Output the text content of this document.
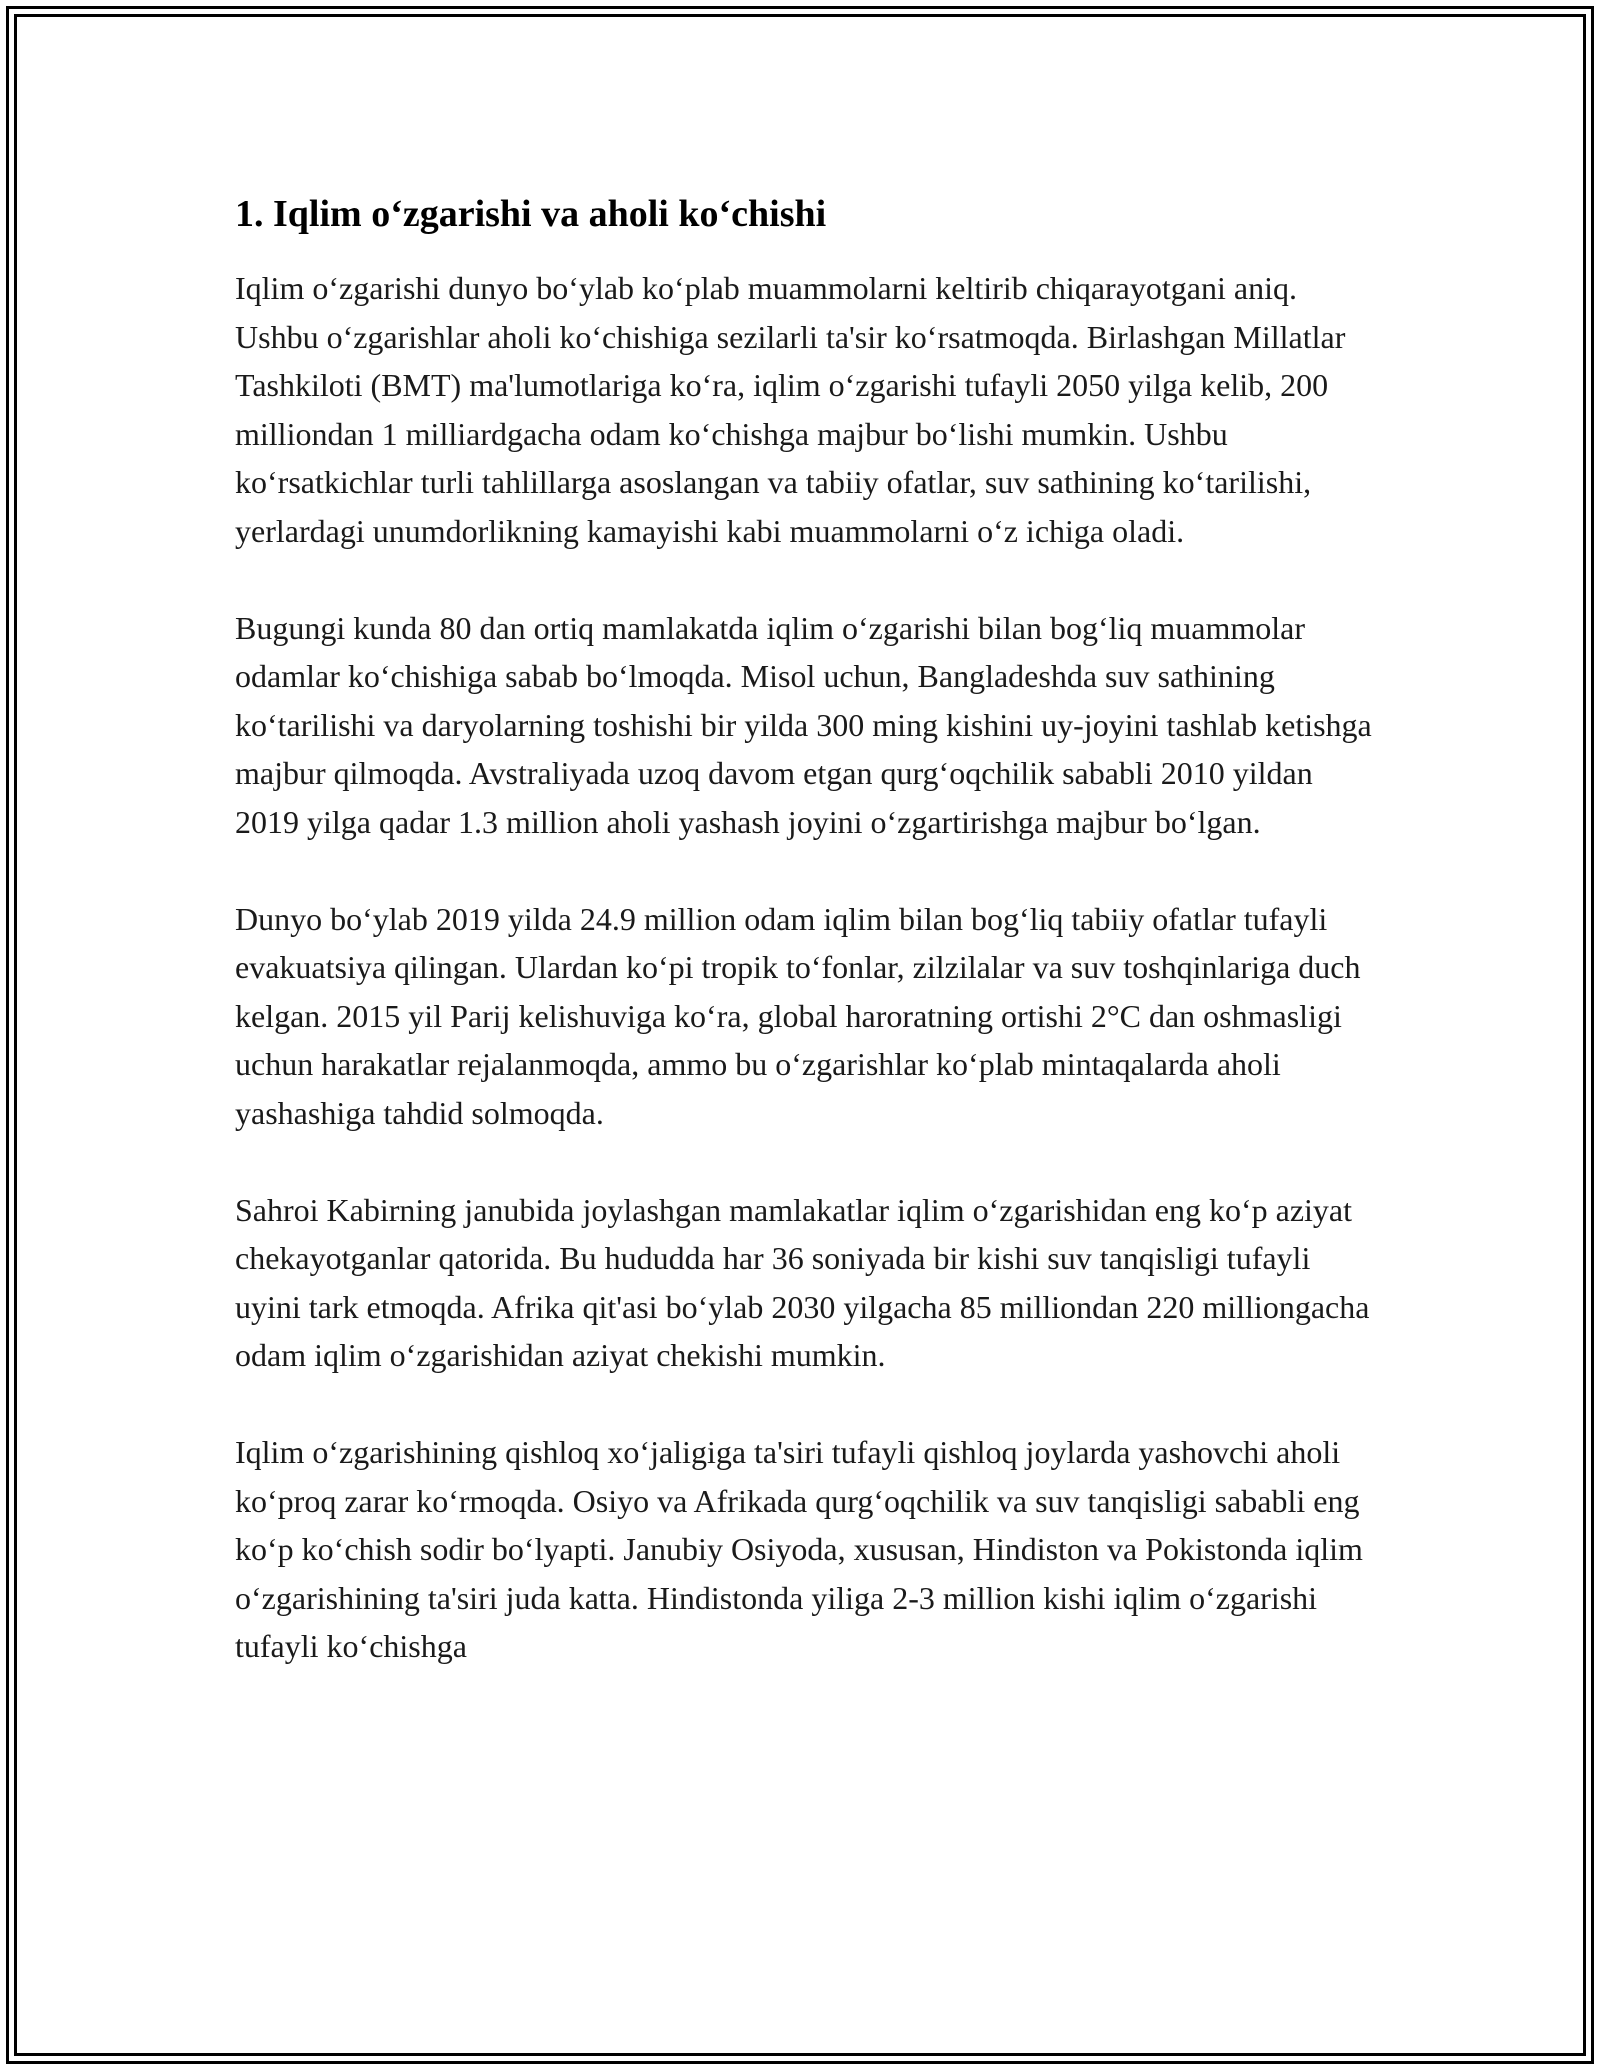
1. Iqlim o‘zgarishi va aholi ko‘chishi

Iqlim o‘zgarishi dunyo bo‘ylab ko‘plab muammolarni keltirib chiqarayotgani aniq. Ushbu o‘zgarishlar aholi ko‘chishiga sezilarli ta'sir ko‘rsatmoqda. Birlashgan Millatlar Tashkiloti (BMT) ma'lumotlariga ko‘ra, iqlim o‘zgarishi tufayli 2050 yilga kelib, 200 milliondan 1 milliardgacha odam ko‘chishga majbur bo‘lishi mumkin. Ushbu ko‘rsatkichlar turli tahlillarga asoslangan va tabiiy ofatlar, suv sathining ko‘tarilishi, yerlardagi unumdorlikning kamayishi kabi muammolarni o‘z ichiga oladi.

Bugungi kunda 80 dan ortiq mamlakatda iqlim o‘zgarishi bilan bog‘liq muammolar odamlar ko‘chishiga sabab bo‘lmoqda. Misol uchun, Bangladeshda suv sathining ko‘tarilishi va daryolarning toshishi bir yilda 300 ming kishini uy-joyini tashlab ketishga majbur qilmoqda. Avstraliyada uzoq davom etgan qurg‘oqchilik sababli 2010 yildan 2019 yilga qadar 1.3 million aholi yashash joyini o‘zgartirishga majbur bo‘lgan.

Dunyo bo‘ylab 2019 yilda 24.9 million odam iqlim bilan bog‘liq tabiiy ofatlar tufayli evakuatsiya qilingan. Ulardan ko‘pi tropik to‘fonlar, zilzilalar va suv toshqinlariga duch kelgan. 2015 yil Parij kelishuviga ko‘ra, global haroratning ortishi 2°C dan oshmasligi uchun harakatlar rejalanmoqda, ammo bu o‘zgarishlar ko‘plab mintaqalarda aholi yashashiga tahdid solmoqda.

Sahroi Kabirning janubida joylashgan mamlakatlar iqlim o‘zgarishidan eng ko‘p aziyat chekayotganlar qatorida. Bu hududda har 36 soniyada bir kishi suv tanqisligi tufayli uyini tark etmoqda. Afrika qit'asi bo‘ylab 2030 yilgacha 85 milliondan 220 milliongacha odam iqlim o‘zgarishidan aziyat chekishi mumkin.

Iqlim o‘zgarishining qishloq xo‘jaligiga ta'siri tufayli qishloq joylarda yashovchi aholi ko‘proq zarar ko‘rmoqda. Osiyo va Afrikada qurg‘oqchilik va suv tanqisligi sababli eng ko‘p ko‘chish sodir bo‘lyapti. Janubiy Osiyoda, xususan, Hindiston va Pokistonda iqlim o‘zgarishining ta'siri juda katta. Hindistonda yiliga 2-3 million kishi iqlim o‘zgarishi tufayli ko‘chishga
